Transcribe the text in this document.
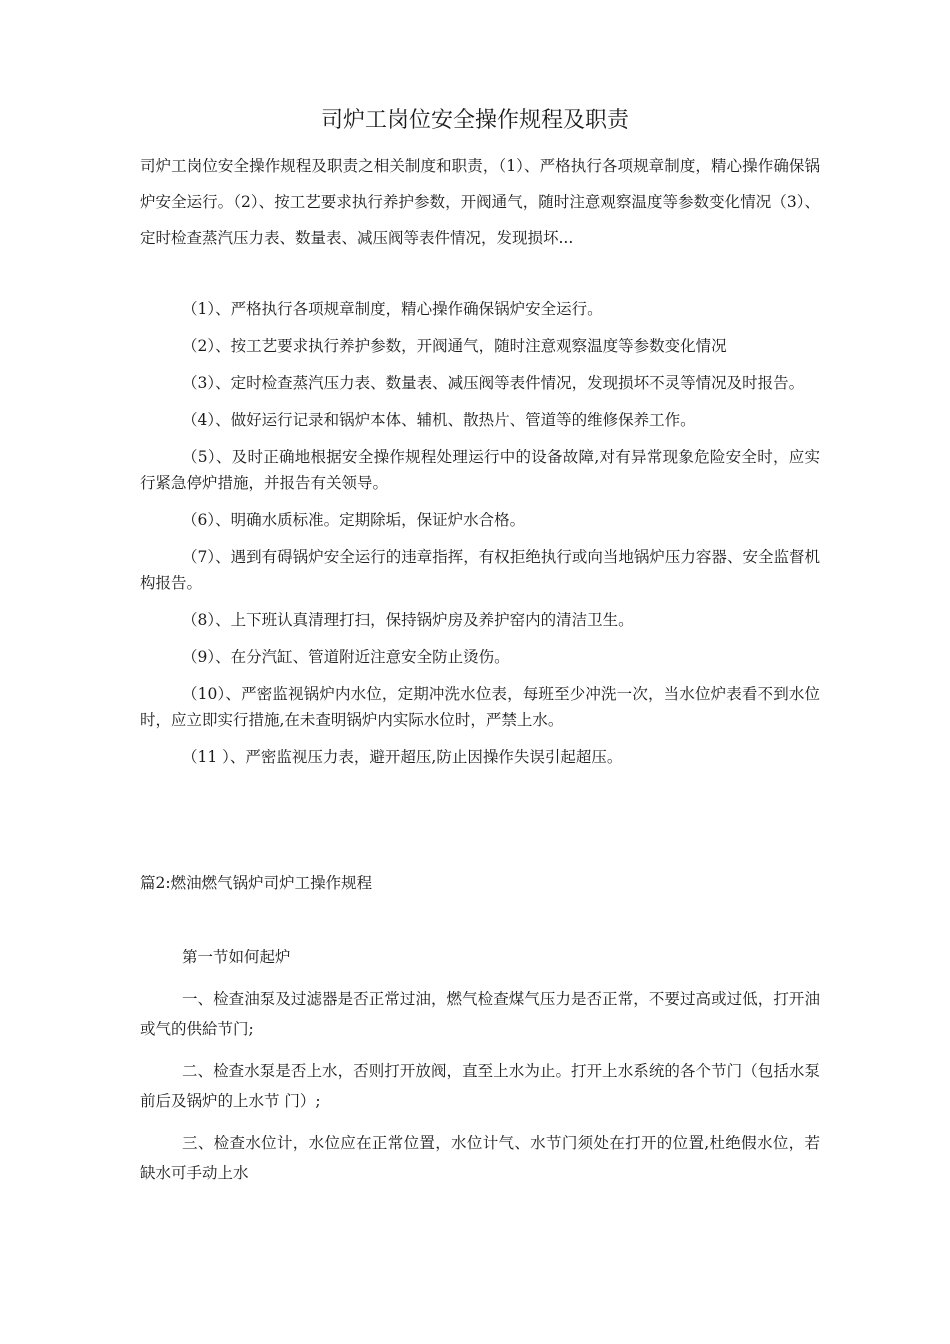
司炉工岗位安全操作规程及职责
司炉工岗位安全操作规程及职责之相关制度和职责，（1）、严格执行各项规章制度，精心操作确保锅炉安全运行。（2）、按工艺要求执行养护参数，开阀通气，随时注意观察温度等参数变化情况（3）、定时检查蒸汽压力表、数量表、减压阀等表件情况，发现损坏...

（1）、严格执行各项规章制度，精心操作确保锅炉安全运行。

（2）、按工艺要求执行养护参数，开阀通气，随时注意观察温度等参数变化情况

（3）、定时检查蒸汽压力表、数量表、减压阀等表件情况，发现损坏不灵等情况及时报告。

（4）、做好运行记录和锅炉本体、辅机、散热片、管道等的维修保养工作。

（5）、及时正确地根据安全操作规程处理运行中的设备故障,对有异常现象危险安全时，应实行紧急停炉措施，并报告有关领导。

（6）、明确水质标准。定期除垢，保证炉水合格。

（7）、遇到有碍锅炉安全运行的违章指挥，有权拒绝执行或向当地锅炉压力容器、安全监督机构报告。

（8）、上下班认真清理打扫，保持锅炉房及养护窑内的清洁卫生。

（9）、在分汽缸、管道附近注意安全防止烫伤。

（10）、严密监视锅炉内水位，定期冲洗水位表，每班至少冲洗一次，当水位炉表看不到水位时，应立即实行措施,在未查明锅炉内实际水位时，严禁上水。

（11 ）、严密监视压力表，避开超压,防止因操作失误引起超压。

篇2:燃油燃气锅炉司炉工操作规程

第一节如何起炉

一、检查油泵及过滤器是否正常过油，燃气检查煤气压力是否正常，不要过高或过低，打开油或气的供給节门;

二、检查水泵是否上水，否则打开放阀，直至上水为止。打开上水系统的各个节门（包括水泵前后及锅炉的上水节 门）;

三、检查水位计，水位应在正常位置，水位计气、水节门须处在打开的位置,杜绝假水位，若缺水可手动上水
